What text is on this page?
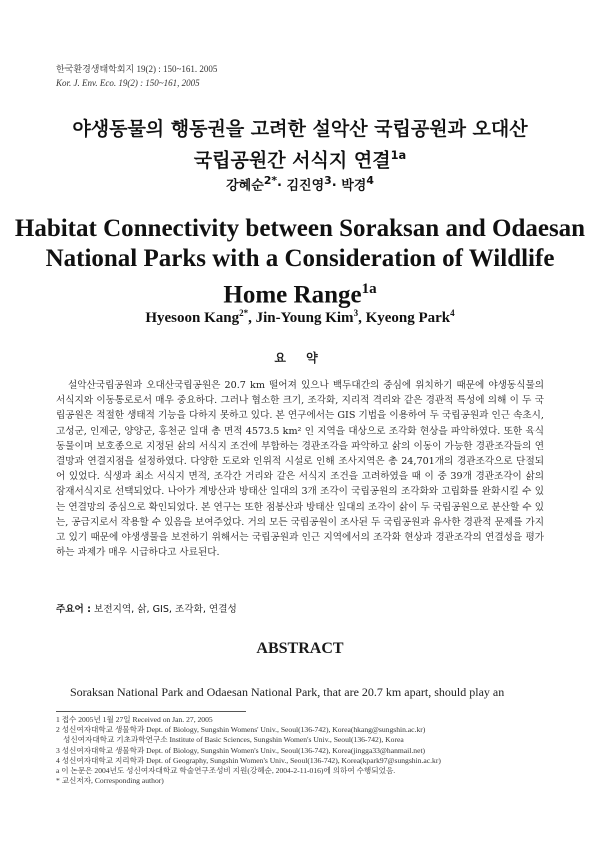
한국환경생태학회지 19(2) : 150~161. 2005
Kor. J. Env. Eco. 19(2) : 150~161, 2005
야생동물의 행동권을 고려한 설악산 국립공원과 오대산
국립공원간 서식지 연결$^{1a}$
강혜순$^{2*}$· 김진영$^3$· 박경$^4$
Habitat Connectivity between Soraksan and Odaesan
National Parks with a Consideration of Wildlife
Home Range$^{1a}$
Hyesoon Kang$^{2*}$, Jin-Young Kim$^3$, Kyeong Park$^4$
요 약

설악산국립공원과 오대산국립공원은 20.7 km 떨어져 있으나 백두대간의 중심에 위치하기 때문에 야생동식물의 서식지와 이동통로로서 매우 중요하다. 그러나 협소한 크기, 조각화, 지리적 격리와 같은 경관적 특성에 의해 이 두 국립공원은 적절한 생태적 기능을 다하지 못하고 있다. 본 연구에서는 GIS 기법을 이용하여 두 국립공원과 인근 속초시, 고성군, 인제군, 양양군, 홍천군 일대 총 면적 4573.5 km² 인 지역을 대상으로 조각화 현상을 파악하였다. 또한 육식동물이며 보호종으로 지정된 삵의 서식지 조건에 부합하는 경관조각을 파악하고 삵의 이동이 가능한 경관조각들의 연결망과 연결지점을 설정하였다. 다양한 도로와 인위적 시설로 인해 조사지역은 총 24,701개의 경관조각으로 단절되어 있었다. 식생과 최소 서식지 면적, 조각간 거리와 같은 서식지 조건을 고려하였을 때 이 중 39개 경관조각이 삵의 잠재서식지로 선택되었다. 나아가 계방산과 방태산 일대의 3개 조각이 국립공원의 조각화와 고립화를 완화시킬 수 있는 연결망의 중심으로 확인되었다. 본 연구는 또한 점봉산과 방태산 일대의 조각이 삵이 두 국립공원으로 분산할 수 있는, 공급지로서 작용할 수 있음을 보여주었다. 거의 모든 국립공원이 조사된 두 국립공원과 유사한 경관적 문제를 가지고 있기 때문에 야생생물을 보전하기 위해서는 국립공원과 인근 지역에서의 조각화 현상과 경관조각의 연결성을 평가하는 과제가 매우 시급하다고 사료된다.

주요어 : 보전지역, 삵, GIS, 조각화, 연결성
ABSTRACT
Soraksan National Park and Odaesan National Park, that are 20.7 km apart, should play an
1 접수 2005년 1월 27일 Received on Jan. 27, 2005
2 성신여자대학교 생물학과 Dept. of Biology, Sungshin Womens' Univ., Seoul(136-742), Korea(hkang@sungshin.ac.kr)
성신여자대학교 기초과학연구소 Institute of Basic Sciences, Sungshin Women's Univ., Seoul(136-742), Korea
3 성신여자대학교 생물학과 Dept. of Biology, Sungshin Women's Univ., Seoul(136-742), Korea(jingga33@hanmail.net)
4 성신여자대학교 지리학과 Dept. of Geography, Sungshin Women's Univ., Seoul(136-742), Korea(kpark97@sungshin.ac.kr)
a 이 논문은 2004년도 성신여자대학교 학술연구조성비 지원(강혜순, 2004-2-11-016)에 의하여 수행되었음.
* 교신저자, Corresponding author)
